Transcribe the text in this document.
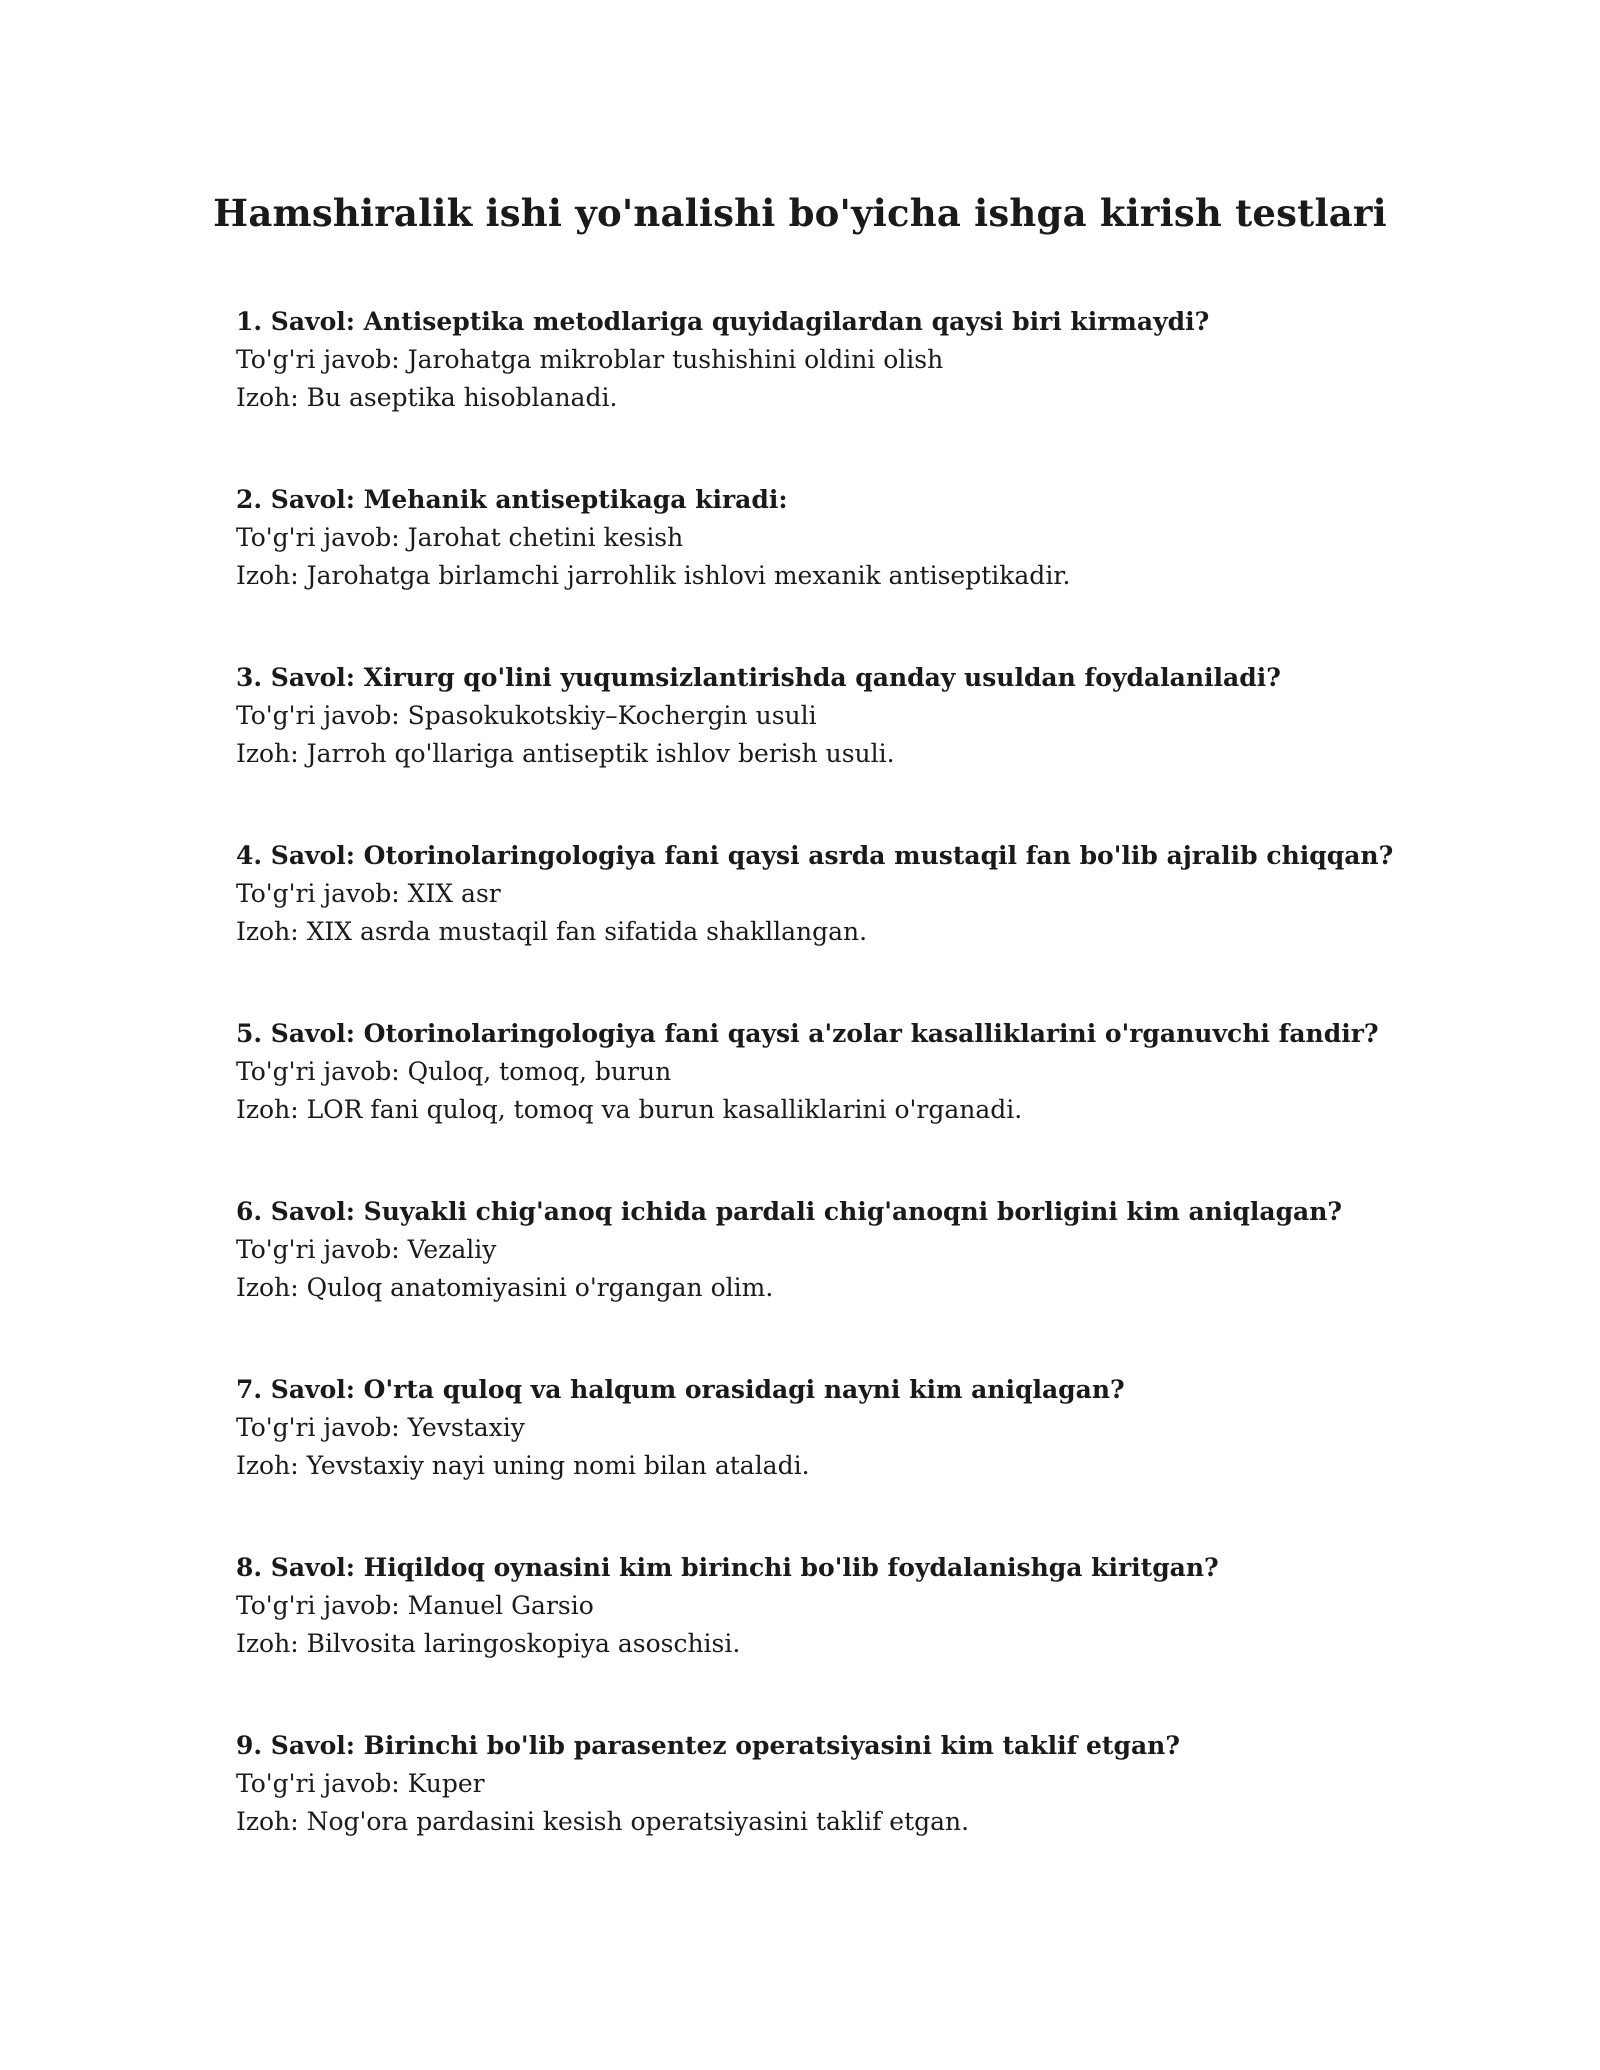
Hamshiralik ishi yo'nalishi bo'yicha ishga kirish testlari
1. Savol: Antiseptika metodlariga quyidagilardan qaysi biri kirmaydi?
To'g'ri javob: Jarohatga mikroblar tushishini oldini olish
Izoh: Bu aseptika hisoblanadi.
2. Savol: Mehanik antiseptikaga kiradi:
To'g'ri javob: Jarohat chetini kesish
Izoh: Jarohatga birlamchi jarrohlik ishlovi mexanik antiseptikadir.
3. Savol: Xirurg qo'lini yuqumsizlantirishda qanday usuldan foydalaniladi?
To'g'ri javob: Spasokukotskiy–Kochergin usuli
Izoh: Jarroh qo'llariga antiseptik ishlov berish usuli.
4. Savol: Otorinolaringologiya fani qaysi asrda mustaqil fan bo'lib ajralib chiqqan?
To'g'ri javob: XIX asr
Izoh: XIX asrda mustaqil fan sifatida shakllangan.
5. Savol: Otorinolaringologiya fani qaysi a'zolar kasalliklarini o'rganuvchi fandir?
To'g'ri javob: Quloq, tomoq, burun
Izoh: LOR fani quloq, tomoq va burun kasalliklarini o'rganadi.
6. Savol: Suyakli chig'anoq ichida pardali chig'anoqni borligini kim aniqlagan?
To'g'ri javob: Vezaliy
Izoh: Quloq anatomiyasini o'rgangan olim.
7. Savol: O'rta quloq va halqum orasidagi nayni kim aniqlagan?
To'g'ri javob: Yevstaxiy
Izoh: Yevstaxiy nayi uning nomi bilan ataladi.
8. Savol: Hiqildoq oynasini kim birinchi bo'lib foydalanishga kiritgan?
To'g'ri javob: Manuel Garsio
Izoh: Bilvosita laringoskopiya asoschisi.
9. Savol: Birinchi bo'lib parasentez operatsiyasini kim taklif etgan?
To'g'ri javob: Kuper
Izoh: Nog'ora pardasini kesish operatsiyasini taklif etgan.
